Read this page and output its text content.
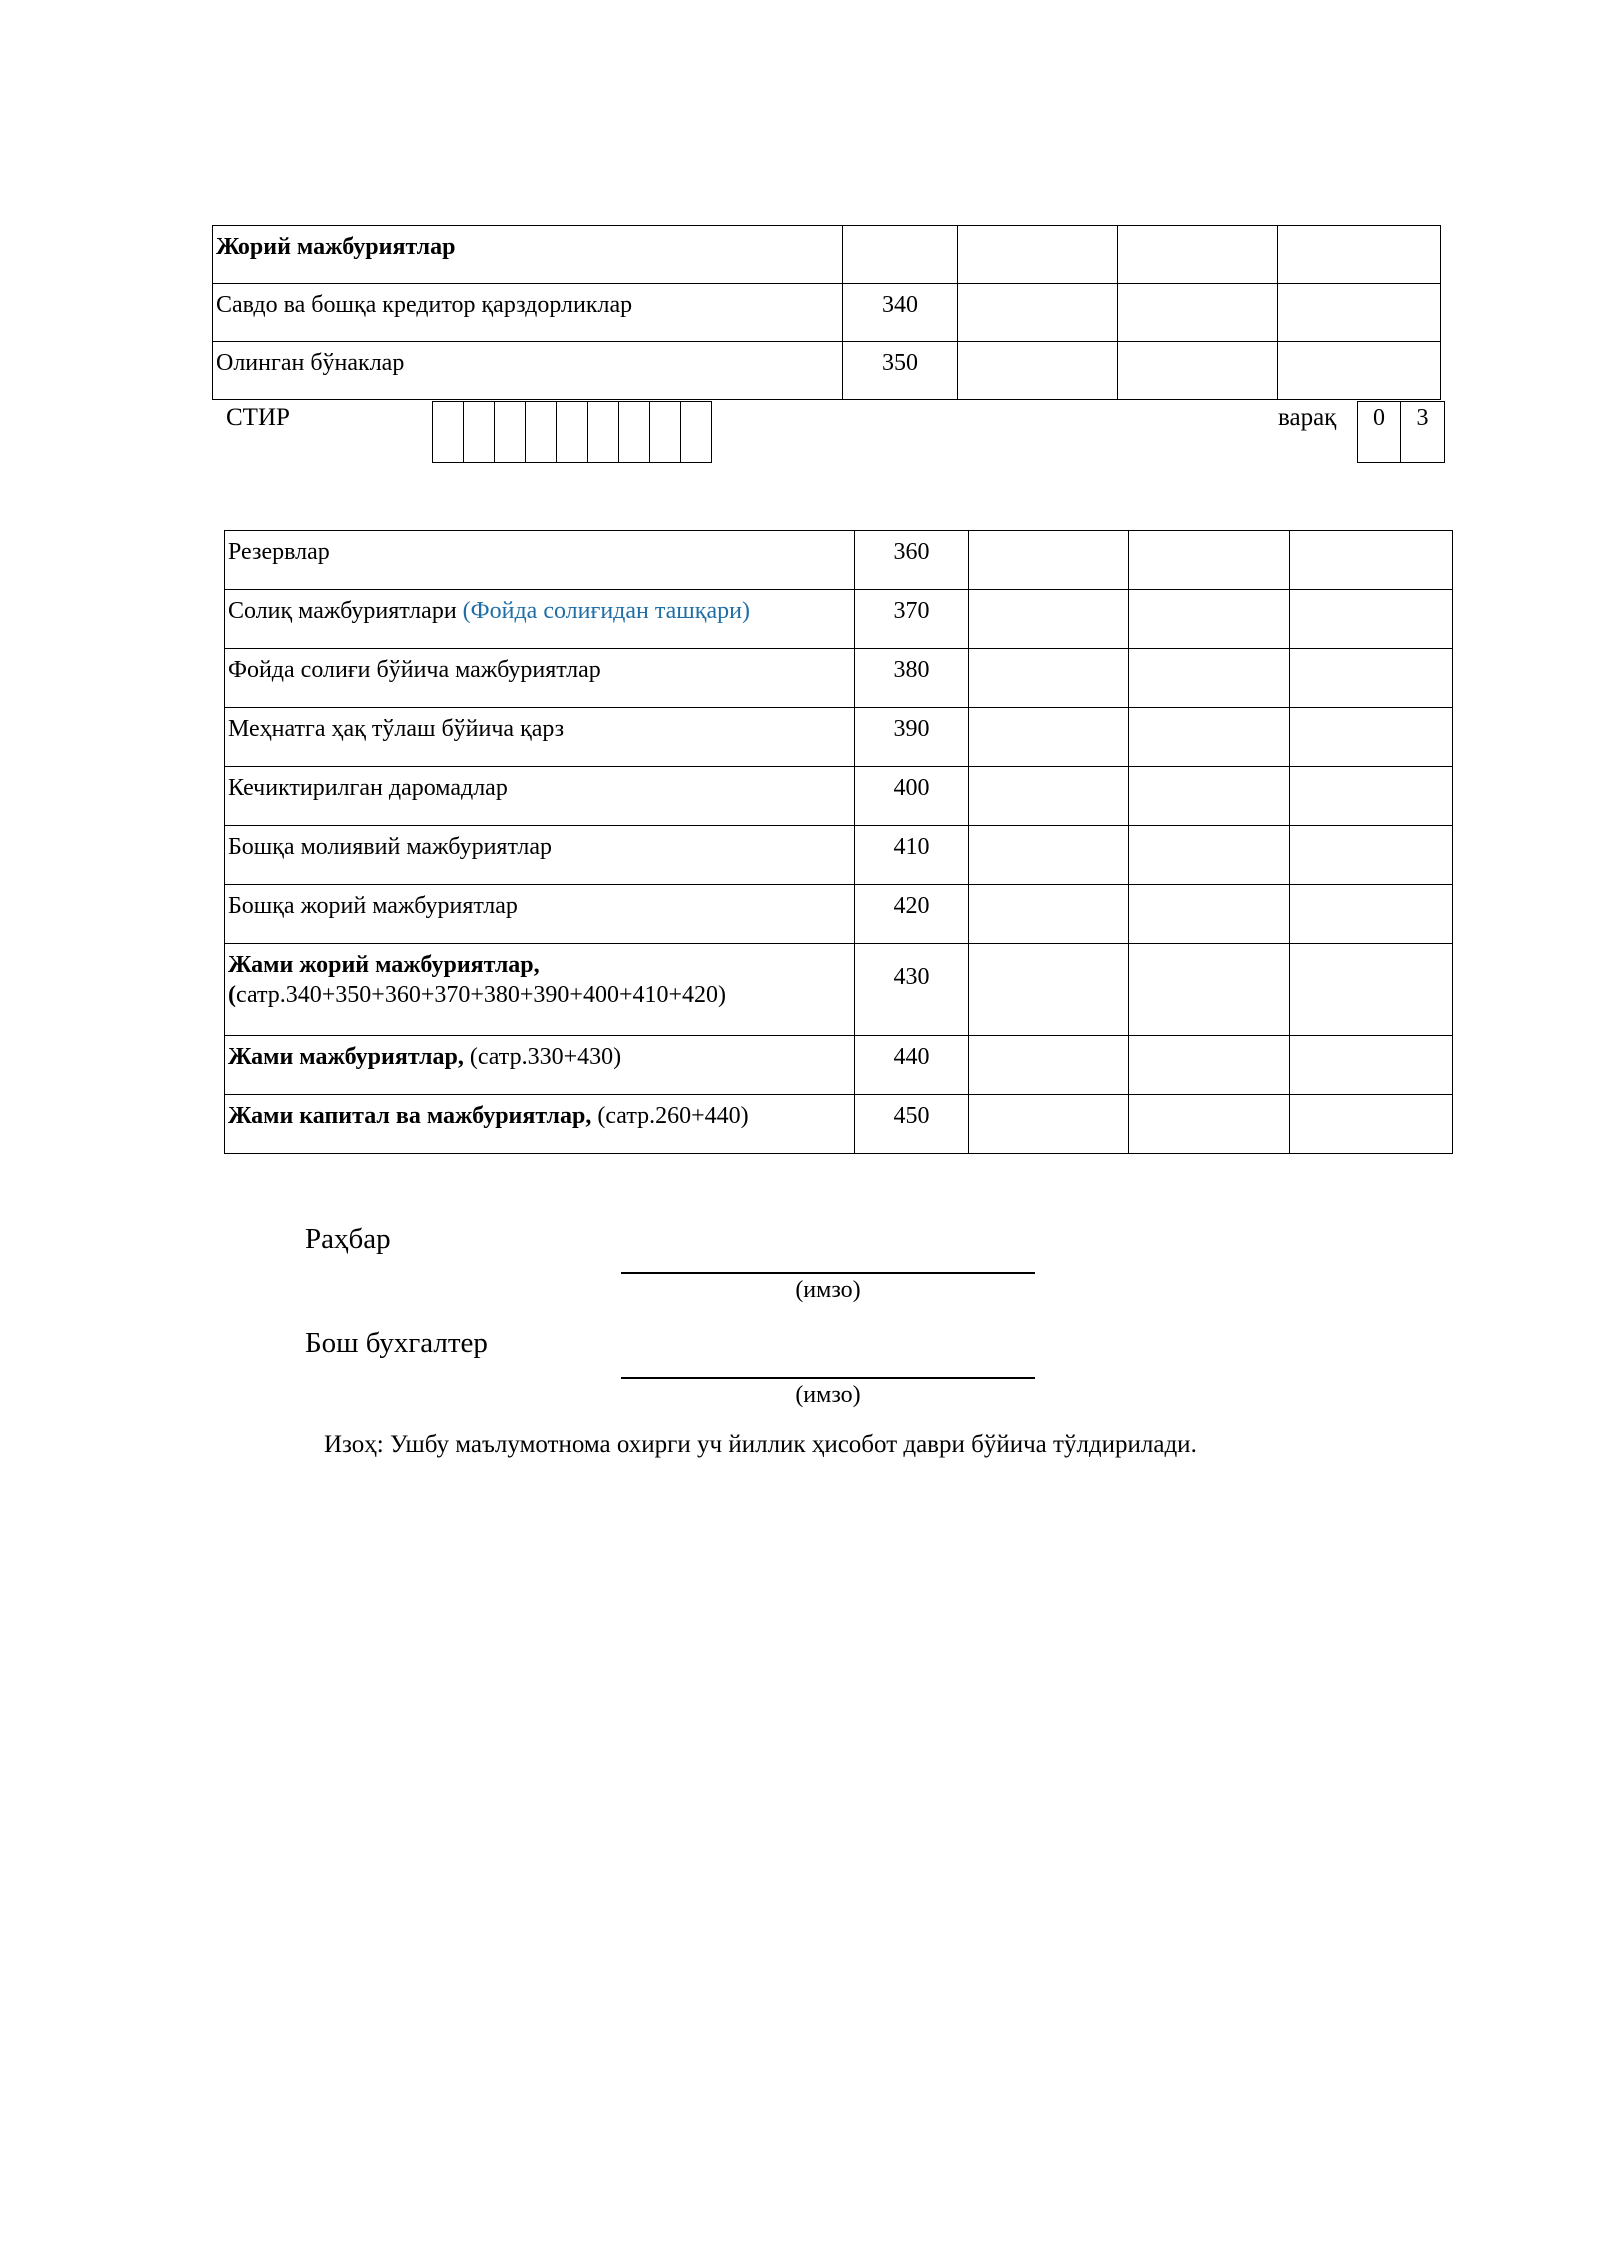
Жорий мажбуриятлар				
Савдо ва бошқа кредитор қарздорликлар	340			
Олинган бўнаклар	350			
СТИР	варақ	0	3
Резервлар	360			
Солиқ мажбуриятлари (Фойда солиғидан ташқари)	370			
Фойда солиғи бўйича мажбуриятлар	380			
Меҳнатга ҳақ тўлаш бўйича қарз	390			
Кечиктирилган даромадлар	400			
Бошқа молиявий мажбуриятлар	410			
Бошқа жорий мажбуриятлар	420			
Жами жорий мажбуриятлар,
(сатр.340+350+360+370+380+390+400+410+420)	430			
Жами мажбуриятлар, (сатр.330+430)	440			
Жами капитал ва мажбуриятлар, (сатр.260+440)	450			
Раҳбар
(имзо)
Бош бухгалтер
(имзо)
Изоҳ: Ушбу маълумотнома охирги уч йиллик ҳисобот даври бўйича тўлдирилади.
